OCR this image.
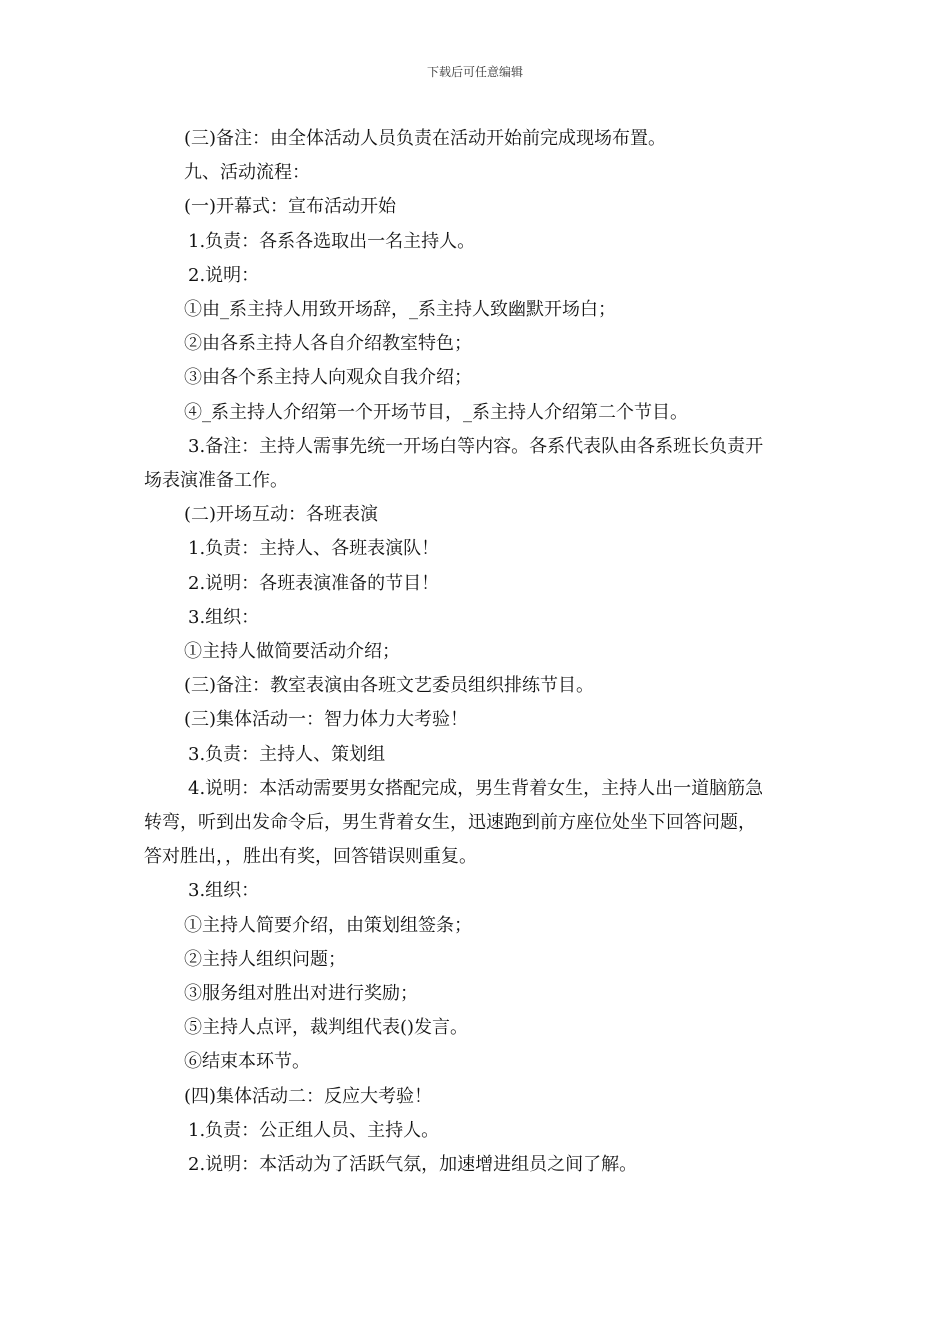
下载后可任意编辑
(三)备注：由全体活动人员负责在活动开始前完成现场布置。
九、活动流程：
(一)开幕式：宣布活动开始
1.负责：各系各选取出一名主持人。
2.说明：
①由_系主持人用致开场辞，_系主持人致幽默开场白；
②由各系主持人各自介绍教室特色；
③由各个系主持人向观众自我介绍；
④_系主持人介绍第一个开场节目，_系主持人介绍第二个节目。
3.备注：主持人需事先统一开场白等内容。各系代表队由各系班长负责开
场表演准备工作。
(二)开场互动：各班表演
1.负责：主持人、各班表演队！
2.说明：各班表演准备的节目！
3.组织：
①主持人做简要活动介绍；
(三)备注：教室表演由各班文艺委员组织排练节目。
(三)集体活动一：智力体力大考验！
3.负责：主持人、策划组
4.说明：本活动需要男女搭配完成，男生背着女生，主持人出一道脑筋急
转弯，听到出发命令后，男生背着女生，迅速跑到前方座位处坐下回答问题，
答对胜出，，胜出有奖，回答错误则重复。
3.组织：
①主持人简要介绍，由策划组签条；
②主持人组织问题；
③服务组对胜出对进行奖励；
⑤主持人点评，裁判组代表()发言。
⑥结束本环节。
(四)集体活动二：反应大考验！
1.负责：公正组人员、主持人。
2.说明：本活动为了活跃气氛，加速增进组员之间了解。
